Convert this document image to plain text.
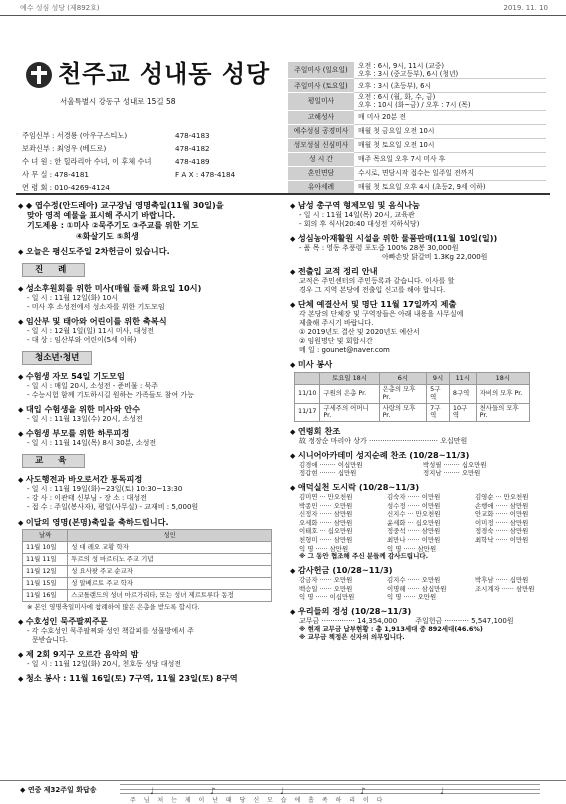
예수 성심 성당 (제892호)	2019. 11. 10
천주교 성내동 성당
서울특별시 강동구 성내로 15길 58
주임신부 : 서경룡 (아우구스티노)	478-4183
보좌신부 : 최영우 (베드로)	478-4182
수 녀 원 : 한 힐라리아 수녀, 이 후체 수녀	478-4189
사 무 실 : 478-4181	F A X : 478-4184
연 령 회 : 010-4269-4124
주일미사 (일요일)	오전 : 6시, 9시, 11시 (교중)
오후 : 3시 (중고등부), 6시 (청년)
주일미사 (토요일)	오후 : 3시 (초등부), 6시
평일미사	오전 : 6시 (월, 화, 수, 금)
오후 : 10시 (화~금) / 오후 : 7시 (목)
고해성사	매 미사 20분 전
예수성심 공경미사	매월 첫 금요일 오전 10시
성모성심 신심미사	매월 첫 토요일 오전 10시
성 시 간	매주 목요일 오후 7시 미사 후
혼인면담	수시로, 면담시작 접수는 일주일 전까지
유아세례	매월 첫 토요일 오후 4시 (초등2, 9세 이하)
◆ ◆ 엽수정(안드레아) 교구장님 영명축일(11월 30일)을
맞아 영적 예물을 표시해 주시기 바랍니다.
기도제용 : ①미사 ②묵주기도 ③주교를 위한 기도
④화살기도 ⑤희생
◆ 오늘은 평신도주일 2차헌금이 있습니다.
진 례
◆ 성소후원회를 위한 미사(매월 둘째 화요일 10시)
- 일 시 : 11월 12일(화) 10시
- 미사 후 소성전에서 성소자를 위한 기도모임
◆ 임산부 및 태아와 어린이를 위한 축복식
- 일 시 : 12월 1일(일) 11시 미사, 대성전
- 대 상 : 임산부와 어린이(5세 이하)
청소년·청년
◆ 수험생 자모 54일 기도모임
- 일 시 : 매일 20시, 소성전 - 준비물 : 묵주
- 수능시험 함께 기도하시길 원하는 가족들도 참여 가능
◆ 대입 수험생을 위한 미사와 안수
- 일 시 : 11월 13일(수) 20시, 소성전
◆ 수험생 부모를 위한 하루피정
- 일 시 : 11월 14일(목) 8시 30분, 소성전
교 육
◆ 사도행전과 바오로서간 통독피정
- 일 시 : 11월 19일(화)~23일(토) 10:30~13:30
- 강 사 : 이관태 신부님 - 장 소 : 대성전
- 접 수 : 주일(봉사자), 평일(사무실) - 교재비 : 5,000원
◆ 이달의 영명(본명)축일을 축하드립니다.
날짜	성인
11월 10일	성 대 레오 교황 학자
11월 11일	투르의 성 마르티노 주교 기념
11월 12일	성 요사팟 주교 순교자
11월 15일	성 알베르토 주교 학자
11월 16일	스코틀랜드의 성녀 마르가리타, 또는 성녀 제르트루다 동정
※ 본인 영명축일미사에 참례하여 많은 은총을 받도록 합시다.
◆ 수호성인 묵주팔찌주문
- 각 수호성인 묵주팔찌와 성인 책갈피를 성물방에서 주
문받습니다.
◆ 제 2회 9지구 오르간 음악의 밤
- 일 시 : 11월 12일(화) 20시, 천호동 성당 대성전
◆ 청소 봉사 : 11월 16일(토) 7구역, 11월 23일(토) 8구역
◆ 남성 총구역 형제모임 및 음식나눔
- 일 시 : 11월 14일(목) 20시, 교육관
- 회의 후 식사(20:40 대성전 지하식당)
◆ 성심농아재활원 시설을 위한 물품판매(11월 10일(일))
- 품 목 : 영동 추풍령 포도즙 100% 28봉 30,000원
아빠손맛 닭갈비 1.3Kg 22,000원
◆ 전출입 교적 정리 안내
교적은 주민센터의 주민등록과 같습니다. 이사를 할
경우 그 지역 본당에 전출입 신고를 해야 합니다.
◆ 단체 예결산서 및 명단 11월 17일까지 제출
각 본당의 단체장 및 구역장들은 아래 내용을 사무실에
제출해 주시기 바랍니다.
① 2019년도 결산 및 2020년도 예산서
② 임원명단 및 회합시간
메 일 : gounet@naver.com
◆ 미사 봉사
	토요일 18시	6시	9시	11시	18시
11/10	구원의 은총 Pr.	은총의 모후 Pr.	5구역	8구역	자비의 모후 Pr.
11/17	구세주의 어머니 Pr.	사랑의 모후 Pr.	7구역	10구역	천사들의 모후 Pr.
◆ 연령회 찬조
故 정장순 마리아 상가 ······························· 오십만원
◆ 시니어아카데미 성지순례 찬조 (10/28~11/3)
김경애 ········ 이십만원	박성필 ········ 십오만원
정갑현 ········ 십만원	정지남 ········ 오만원
◆ 애덕실천 도시락 (10/28~11/3)
김미연 ··· 만오천원	김숙자 ······ 이만원	김영순 ··· 만오천원
박종민 ······ 오만원	성수정 ······ 이만원	손행애 ······ 삼만원
신정자 ······ 삼만원	신지수 ··· 만오천원	안교화 ······ 이만원
오세화 ······ 삼만원	윤세화 ··· 십오만원	이미정 ······ 삼만원
이태호 ··· 십오만원	정중석 ······ 삼만원	정경숙 ······ 삼만원
천형미 ······ 삼만원	최만나 ······ 이만원	최학낙 ······ 이만원
익 명 ······ 삼만원	익 명 ······ 삼만원
※ 그 동안 협조해 주신 분들께 감사드립니다.
◆ 감사헌금 (10/28~11/3)
강금자 ······ 오만원	김지수 ······ 오만원	박후남 ······ 십만원
백승일 ······ 오만원	이명해 ······ 삼십만원	조시계자 ······ 삼만원
익 명 ······ 이십만원	익 명 ······ 오만원
◆ 우리들의 정성 (10/28~11/3)
교무금 ··············· 14,354,000	주일헌금 ··········· 5,547,100원
※ 현재 교무금 납부현황 : 총 1,913세대 중 892세대(46.6%)
※ 교무금 책정은 신자의 의무입니다.
◆ 연중 제32주일 화답송	♩	♪	♩	♪	♩
주 님 처 는 제 이 난 때 당 신 모 습 에 흡 족 하 리 이 다
